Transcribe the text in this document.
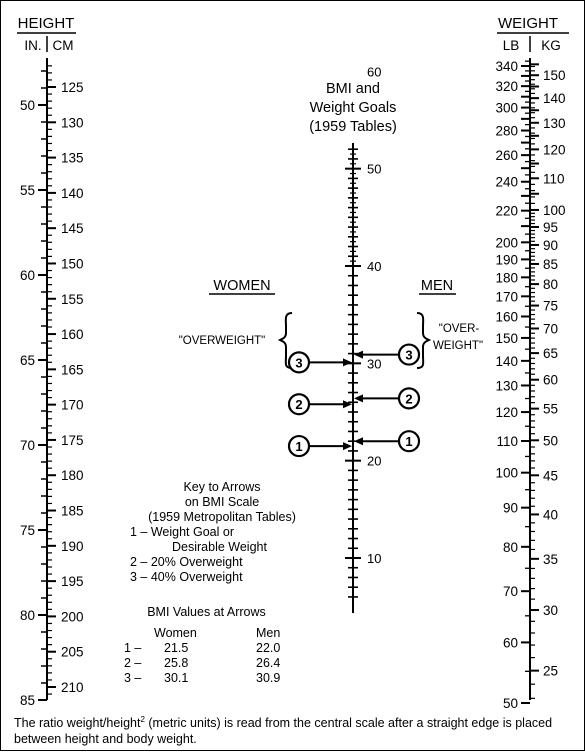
HEIGHT
IN. CM
50
55
60
65
70
75
80
85
125
130
135
140
145
150
155
160
165
170
175
180
185
190
195
200
205
210
BMI and
Weight Goals
(1959 Tables)
60
50
40
30
20
10
WOMEN	MEN
"OVERWEIGHT"
"OVER-
WEIGHT"
1
2
3
1
2
3
WEIGHT
LB KG
340
320
300
280
260
240
220
200
190
180
170
160
150
140
130
120
110
100
90
80
70
60
50
150
140
130
120
110
100
95
90
85
80
75
70
65
60
55
50
45
40
35
30
25
Key to Arrows
on BMI Scale
(1959 Metropolitan Tables)
1 – Weight Goal or
Desirable Weight
2 – 20% Overweight
3 – 40% Overweight
BMI Values at Arrows
Women	Men
1 –	21.5	22.0
2 –	25.8	26.4
3 –	30.1	30.9
The ratio weight/height$^2$ (metric units) is read from the central scale after a straight edge is placed between height and body weight.
